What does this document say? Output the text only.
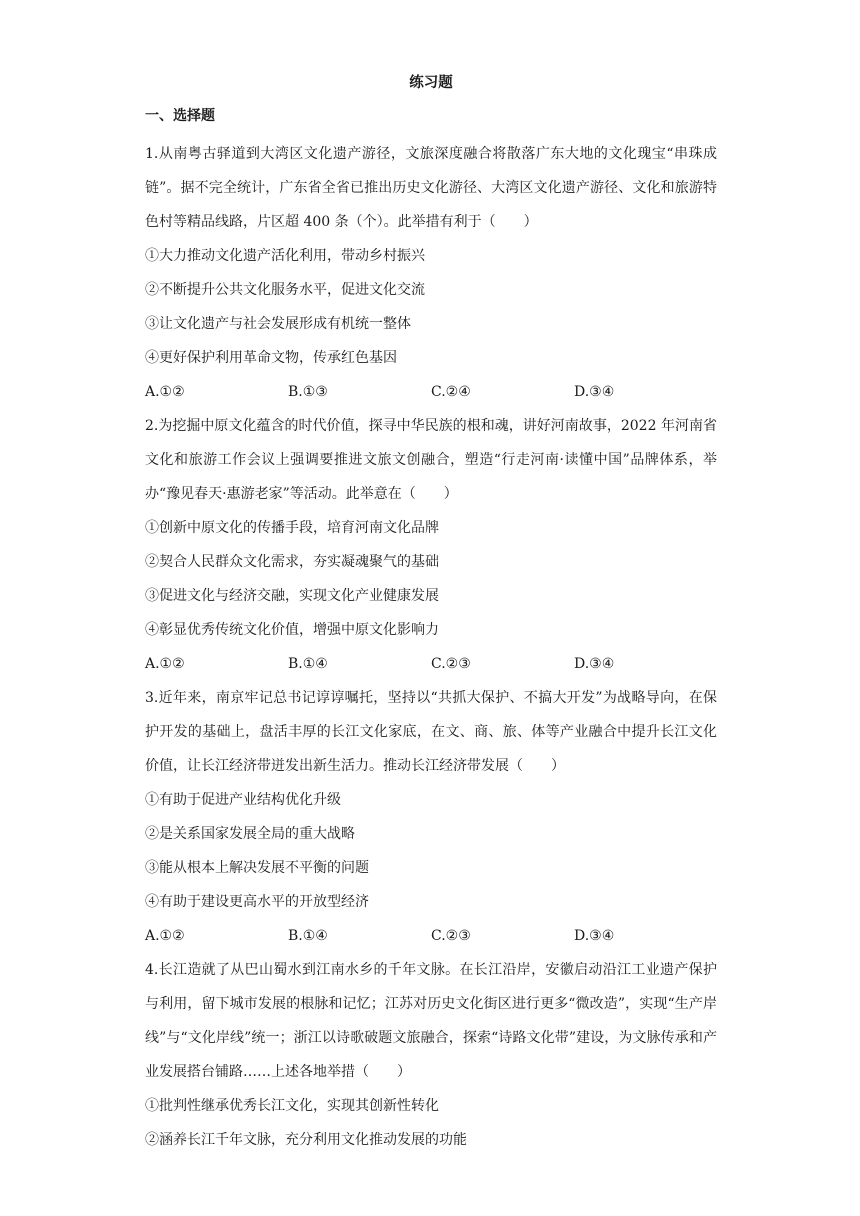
练习题
一、选择题
1.从南粤古驿道到大湾区文化遗产游径，文旅深度融合将散落广东大地的文化瑰宝“串珠成链”。据不完全统计，广东省全省已推出历史文化游径、大湾区文化遗产游径、文化和旅游特色村等精品线路，片区超 400 条（个）。此举措有利于（　　）
①大力推动文化遗产活化利用，带动乡村振兴
②不断提升公共文化服务水平，促进文化交流
③让文化遗产与社会发展形成有机统一整体
④更好保护利用革命文物，传承红色基因
A.①②	B.①③	C.②④	D.③④
2.为挖掘中原文化蕴含的时代价值，探寻中华民族的根和魂，讲好河南故事，2022 年河南省文化和旅游工作会议上强调要推进文旅文创融合，塑造“行走河南·读懂中国”品牌体系，举办“豫见春天·惠游老家”等活动。此举意在（　　）
①创新中原文化的传播手段，培育河南文化品牌
②契合人民群众文化需求，夯实凝魂聚气的基础
③促进文化与经济交融，实现文化产业健康发展
④彰显优秀传统文化价值，增强中原文化影响力
A.①②	B.①④	C.②③	D.③④
3.近年来，南京牢记总书记谆谆嘱托，坚持以“共抓大保护、不搞大开发”为战略导向，在保护开发的基础上，盘活丰厚的长江文化家底，在文、商、旅、体等产业融合中提升长江文化价值，让长江经济带迸发出新生活力。推动长江经济带发展（　　）
①有助于促进产业结构优化升级
②是关系国家发展全局的重大战略
③能从根本上解决发展不平衡的问题
④有助于建设更高水平的开放型经济
A.①②	B.①④	C.②③	D.③④
4.长江造就了从巴山蜀水到江南水乡的千年文脉。在长江沿岸，安徽启动沿江工业遗产保护与利用，留下城市发展的根脉和记忆；江苏对历史文化街区进行更多“微改造”，实现“生产岸线”与“文化岸线”统一；浙江以诗歌破题文旅融合，探索“诗路文化带”建设，为文脉传承和产业发展搭台铺路……上述各地举措（　　）
①批判性继承优秀长江文化，实现其创新性转化
②涵养长江千年文脉，充分利用文化推动发展的功能
